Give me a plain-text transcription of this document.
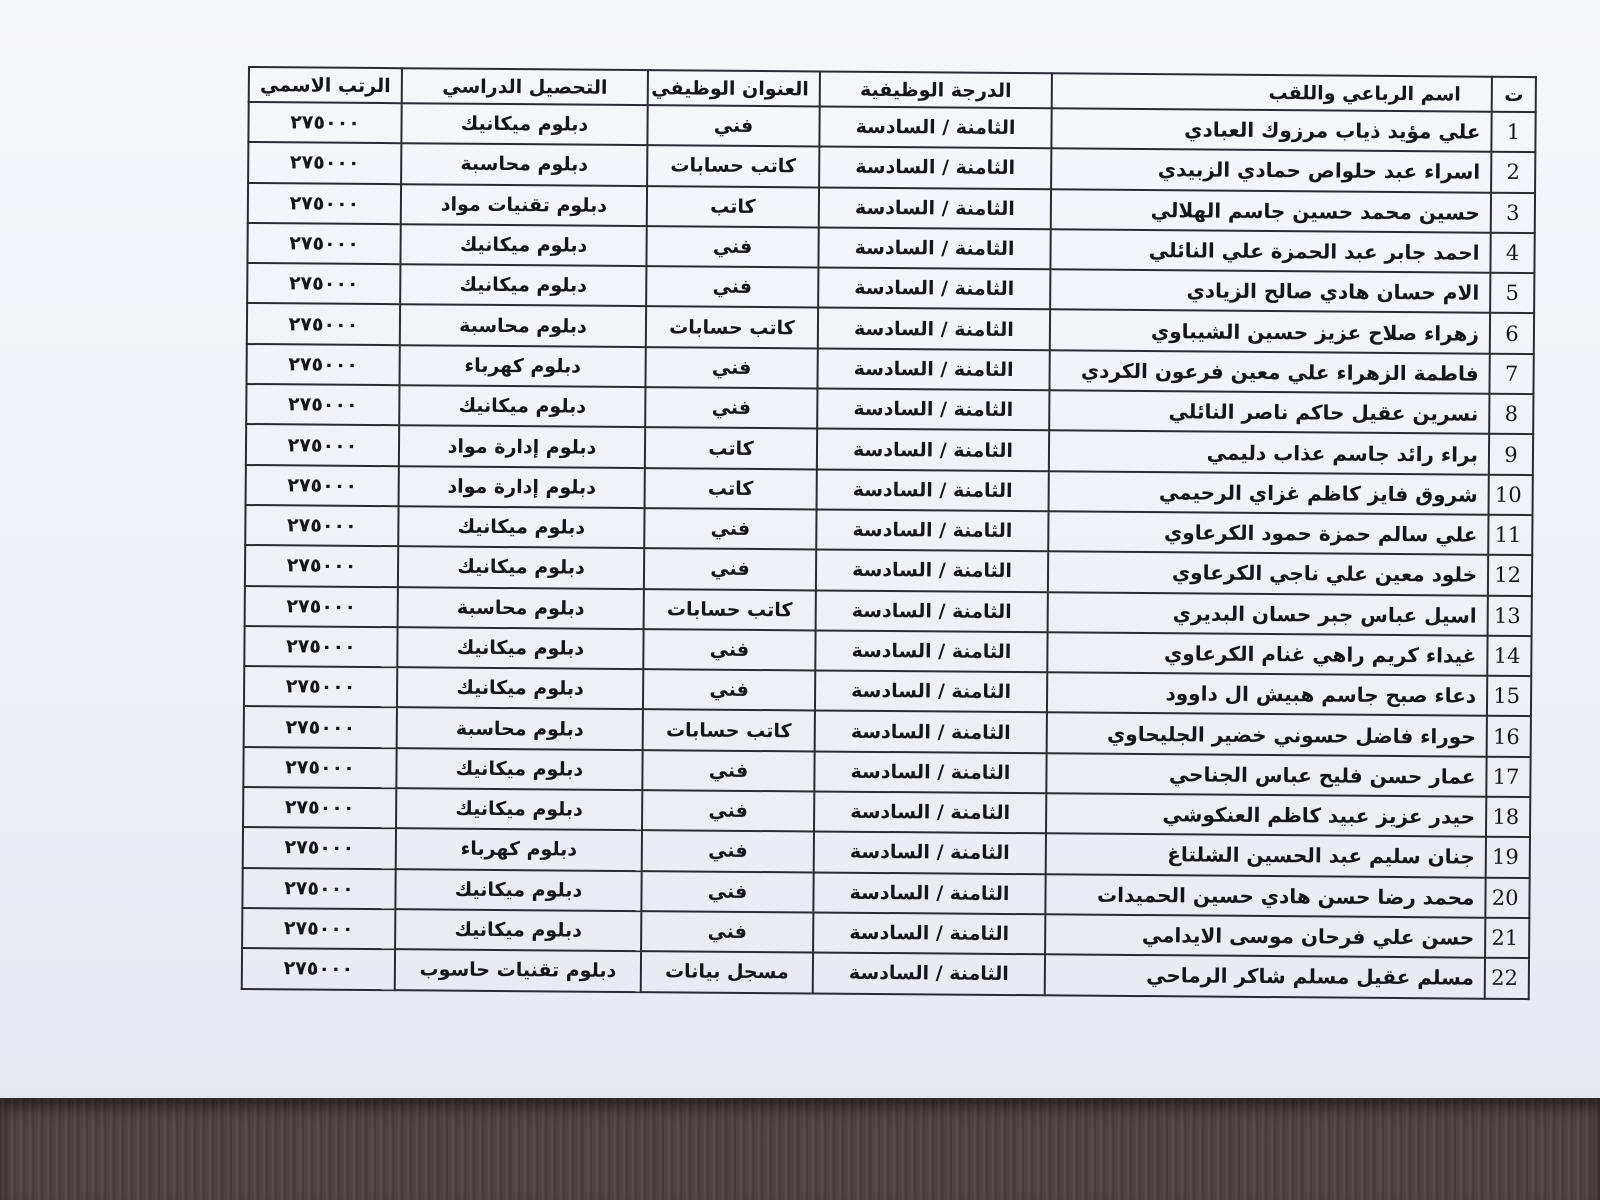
ت	اسم الرباعي واللقب	الدرجة الوظيفية	العنوان الوظيفي	التحصيل الدراسي	الرتب الاسمي
1	علي مؤيد ذياب مرزوك العبادي	الثامنة / السادسة	فني	دبلوم ميكانيك	٢٧٥٠٠٠
2	اسراء عبد حلواص حمادي الزبيدي	الثامنة / السادسة	كاتب حسابات	دبلوم محاسبة	٢٧٥٠٠٠
3	حسين محمد حسين جاسم الهلالي	الثامنة / السادسة	كاتب	دبلوم تقنيات مواد	٢٧٥٠٠٠
4	احمد جابر عبد الحمزة علي النائلي	الثامنة / السادسة	فني	دبلوم ميكانيك	٢٧٥٠٠٠
5	الام حسان هادي صالح الزيادي	الثامنة / السادسة	فني	دبلوم ميكانيك	٢٧٥٠٠٠
6	زهراء صلاح عزيز حسين الشيباوي	الثامنة / السادسة	كاتب حسابات	دبلوم محاسبة	٢٧٥٠٠٠
7	فاطمة الزهراء علي معين فرعون الكردي	الثامنة / السادسة	فني	دبلوم كهرباء	٢٧٥٠٠٠
8	نسرين عقيل حاكم ناصر النائلي	الثامنة / السادسة	فني	دبلوم ميكانيك	٢٧٥٠٠٠
9	براء رائد جاسم عذاب دليمي	الثامنة / السادسة	كاتب	دبلوم إدارة مواد	٢٧٥٠٠٠
10	شروق فايز كاظم غزاي الرحيمي	الثامنة / السادسة	كاتب	دبلوم إدارة مواد	٢٧٥٠٠٠
11	علي سالم حمزة حمود الكرعاوي	الثامنة / السادسة	فني	دبلوم ميكانيك	٢٧٥٠٠٠
12	خلود معين علي ناجي الكرعاوي	الثامنة / السادسة	فني	دبلوم ميكانيك	٢٧٥٠٠٠
13	اسيل عباس جبر حسان البديري	الثامنة / السادسة	كاتب حسابات	دبلوم محاسبة	٢٧٥٠٠٠
14	غيداء كريم راهي غنام الكرعاوي	الثامنة / السادسة	فني	دبلوم ميكانيك	٢٧٥٠٠٠
15	دعاء صبح جاسم هبيش ال داوود	الثامنة / السادسة	فني	دبلوم ميكانيك	٢٧٥٠٠٠
16	حوراء فاضل حسوني خضير الجليحاوي	الثامنة / السادسة	كاتب حسابات	دبلوم محاسبة	٢٧٥٠٠٠
17	عمار حسن فليح عباس الجناحي	الثامنة / السادسة	فني	دبلوم ميكانيك	٢٧٥٠٠٠
18	حيدر عزيز عبيد كاظم العنكوشي	الثامنة / السادسة	فني	دبلوم ميكانيك	٢٧٥٠٠٠
19	جنان سليم عبد الحسين الشلتاغ	الثامنة / السادسة	فني	دبلوم كهرباء	٢٧٥٠٠٠
20	محمد رضا حسن هادي حسين الحميدات	الثامنة / السادسة	فني	دبلوم ميكانيك	٢٧٥٠٠٠
21	حسن علي فرحان موسى الايدامي	الثامنة / السادسة	فني	دبلوم ميكانيك	٢٧٥٠٠٠
22	مسلم عقيل مسلم شاكر الرماحي	الثامنة / السادسة	مسجل بيانات	دبلوم تقنيات حاسوب	٢٧٥٠٠٠
